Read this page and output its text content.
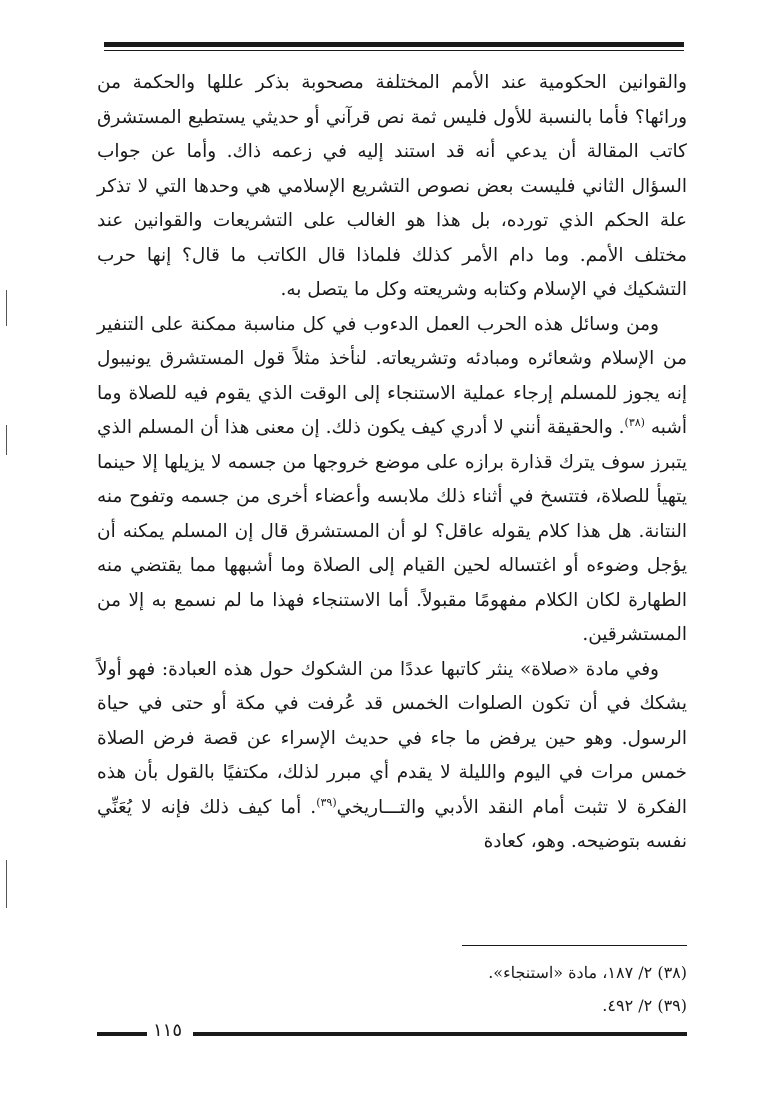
والقوانين الحكومية عند الأمم المختلفة مصحوبة بذكر عللها والحكمة من ورائها؟ فأما بالنسبة للأول فليس ثمة نص قرآني أو حديثي يستطيع المستشرق كاتب المقالة أن يدعي أنه قد استند إليه في زعمه ذاك. وأما عن جواب السؤال الثاني فليست بعض نصوص التشريع الإسلامي هي وحدها التي لا تذكر علة الحكم الذي تورده، بل هذا هو الغالب على التشريعات والقوانين عند مختلف الأمم. وما دام الأمر كذلك فلماذا قال الكاتب ما قال؟ إنها حرب التشكيك في الإسلام وكتابه وشريعته وكل ما يتصل به.

ومن وسائل هذه الحرب العمل الدءوب في كل مناسبة ممكنة على التنفير من الإسلام وشعائره ومبادئه وتشريعاته. لنأخذ مثلاً قول المستشرق يونيبول إنه يجوز للمسلم إرجاء عملية الاستنجاء إلى الوقت الذي يقوم فيه للصلاة وما أشبه $^{(٣٨)}$. والحقيقة أنني لا أدري كيف يكون ذلك. إن معنى هذا أن المسلم الذي يتبرز سوف يترك قذارة برازه على موضع خروجها من جسمه لا يزيلها إلا حينما يتهيأ للصلاة، فتتسخ في أثناء ذلك ملابسه وأعضاء أخرى من جسمه وتفوح منه النتانة. هل هذا كلام يقوله عاقل؟ لو أن المستشرق قال إن المسلم يمكنه أن يؤجل وضوءه أو اغتساله لحين القيام إلى الصلاة وما أشبهها مما يقتضي منه الطهارة لكان الكلام مفهومًا مقبولاً. أما الاستنجاء فهذا ما لم نسمع به إلا من المستشرقين.

وفي مادة «صلاة» ينثر كاتبها عددًا من الشكوك حول هذه العبادة: فهو أولاً يشكك في أن تكون الصلوات الخمس قد عُرفت في مكة أو حتى في حياة الرسول. وهو حين يرفض ما جاء في حديث الإسراء عن قصة فرض الصلاة خمس مرات في اليوم والليلة لا يقدم أي مبرر لذلك، مكتفيًا بالقول بأن هذه الفكرة لا تثبت أمام النقد الأدبي والتـــاريخي$^{(٣٩)}$. أما كيف ذلك فإنه لا يُعَنِّي نفسه بتوضيحه. وهو، كعادة

(٣٨) ٢/ ١٨٧، مادة «استنجاء».
(٣٩) ٢/ ٤٩٢.
١١٥
